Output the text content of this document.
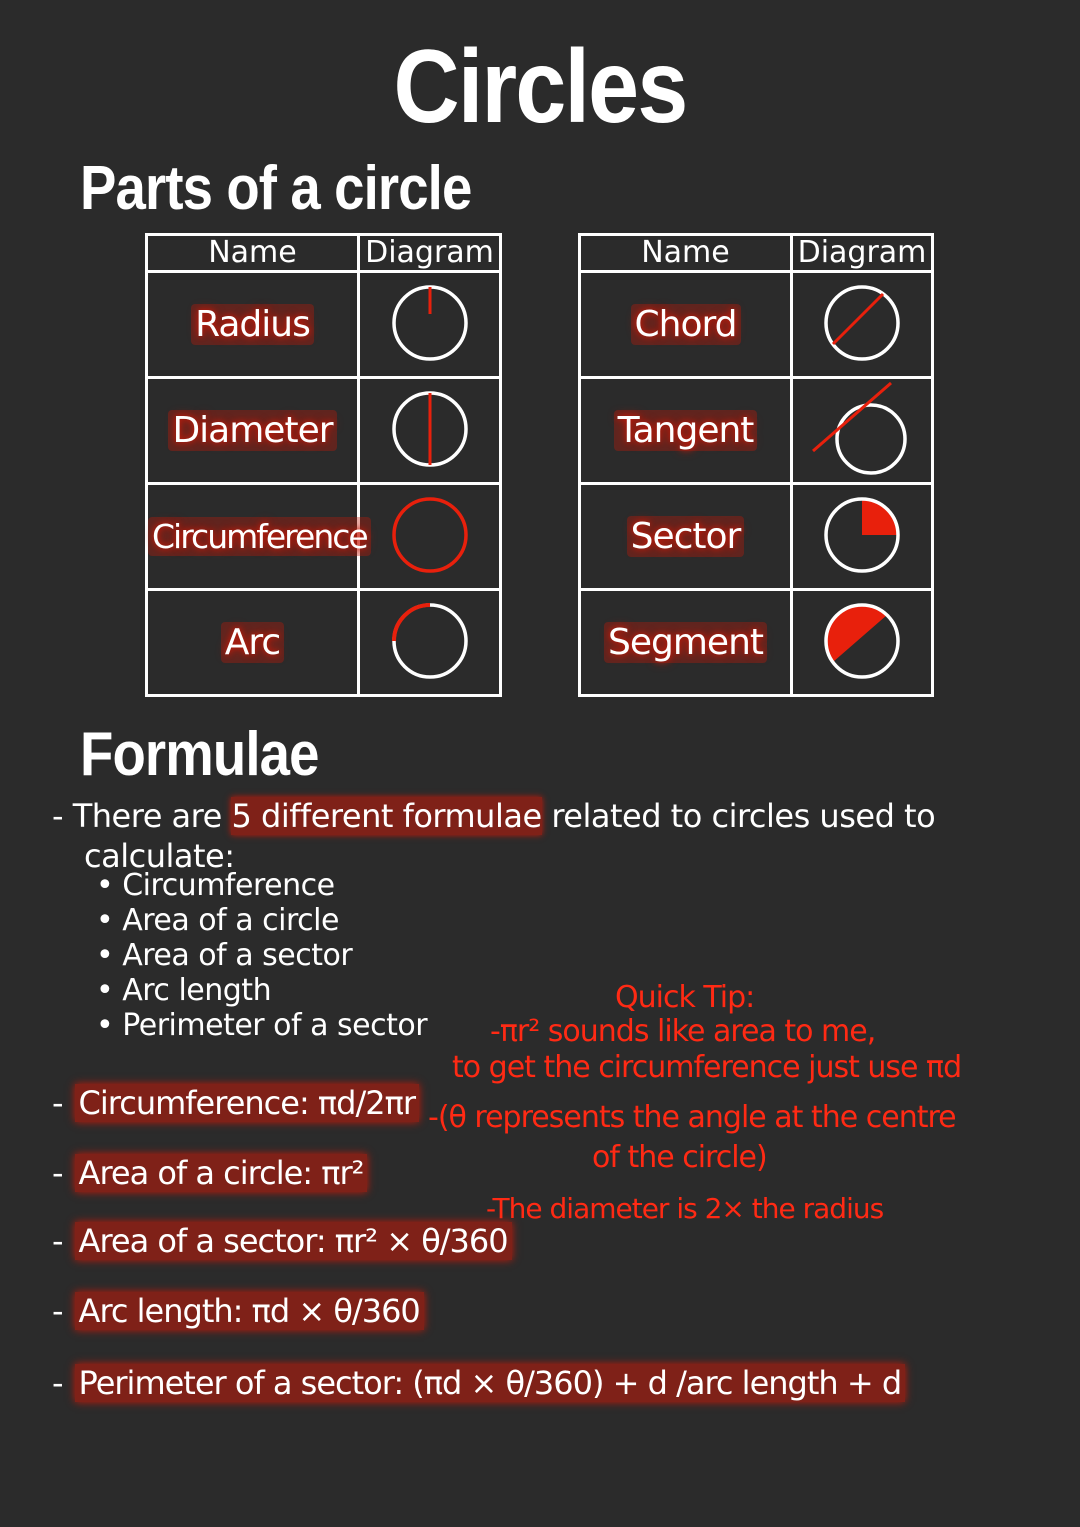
Circles
Parts of a circle
Name	Diagram
Radius	
Diameter	
Circumference	
Arc	
Name	Diagram
Chord	

Tangent	
Sector	
Segment	
Formulae
- There are 5 different formulae related to circles used to
calculate:
• Circumference
• Area of a circle
• Area of a sector
• Arc length
• Perimeter of a sector
- Circumference: πd/2πr
- Area of a circle: πr²
- Area of a sector: πr² × θ/360
- Arc length: πd × θ/360
- Perimeter of a sector: (πd × θ/360) + d /arc length + d
Quick Tip:
-πr² sounds like area to me,
to get the circumference just use πd
-(θ represents the angle at the centre
of the circle)
-The diameter is 2× the radius
